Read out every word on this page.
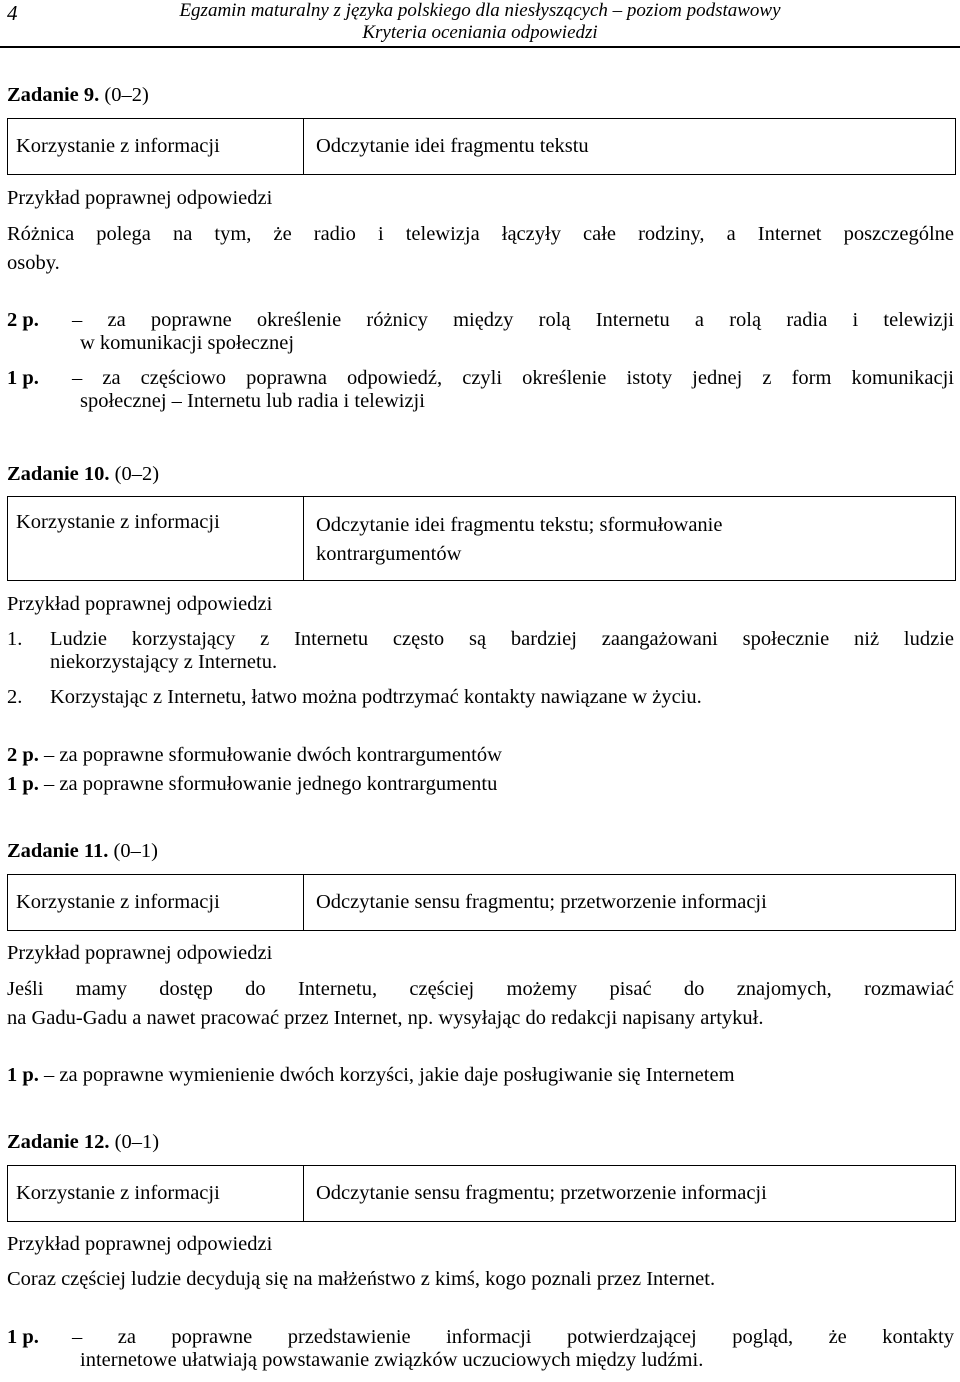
4	Egzamin maturalny z języka polskiego dla niesłyszących – poziom podstawowy
Kryteria oceniania odpowiedzi
Zadanie 9. (0–2)
Korzystanie z informacji	Odczytanie idei fragmentu tekstu
Przykład poprawnej odpowiedzi
Różnica polega na tym, że radio i telewizja łączyły całe rodziny, a Internet poszczególne
osoby.
2 p.	– za poprawne określenie różnicy między rolą Internetu a rolą radia i telewizji
w komunikacji społecznej
1 p.	– za częściowo poprawna odpowiedź, czyli określenie istoty jednej z form komunikacji
społecznej – Internetu lub radia i telewizji
Zadanie 10. (0–2)
Korzystanie z informacji	Odczytanie idei fragmentu tekstu; sformułowanie
kontrargumentów
Przykład poprawnej odpowiedzi
1.	Ludzie korzystający z Internetu często są bardziej zaangażowani społecznie niż ludzie
niekorzystający z Internetu.
2.	Korzystając z Internetu, łatwo można podtrzymać kontakty nawiązane w życiu.
2 p. – za poprawne sformułowanie dwóch kontrargumentów
1 p. – za poprawne sformułowanie jednego kontrargumentu
Zadanie 11. (0–1)
Korzystanie z informacji	Odczytanie sensu fragmentu; przetworzenie informacji
Przykład poprawnej odpowiedzi
Jeśli mamy dostęp do Internetu, częściej możemy pisać do znajomych, rozmawiać
na Gadu-Gadu a nawet pracować przez Internet, np. wysyłając do redakcji napisany artykuł.
1 p. – za poprawne wymienienie dwóch korzyści, jakie daje posługiwanie się Internetem
Zadanie 12. (0–1)
Korzystanie z informacji	Odczytanie sensu fragmentu; przetworzenie informacji
Przykład poprawnej odpowiedzi
Coraz częściej ludzie decydują się na małżeństwo z kimś, kogo poznali przez Internet.
1 p.	– za poprawne przedstawienie informacji potwierdzającej pogląd, że kontakty
internetowe ułatwiają powstawanie związków uczuciowych między ludźmi.
